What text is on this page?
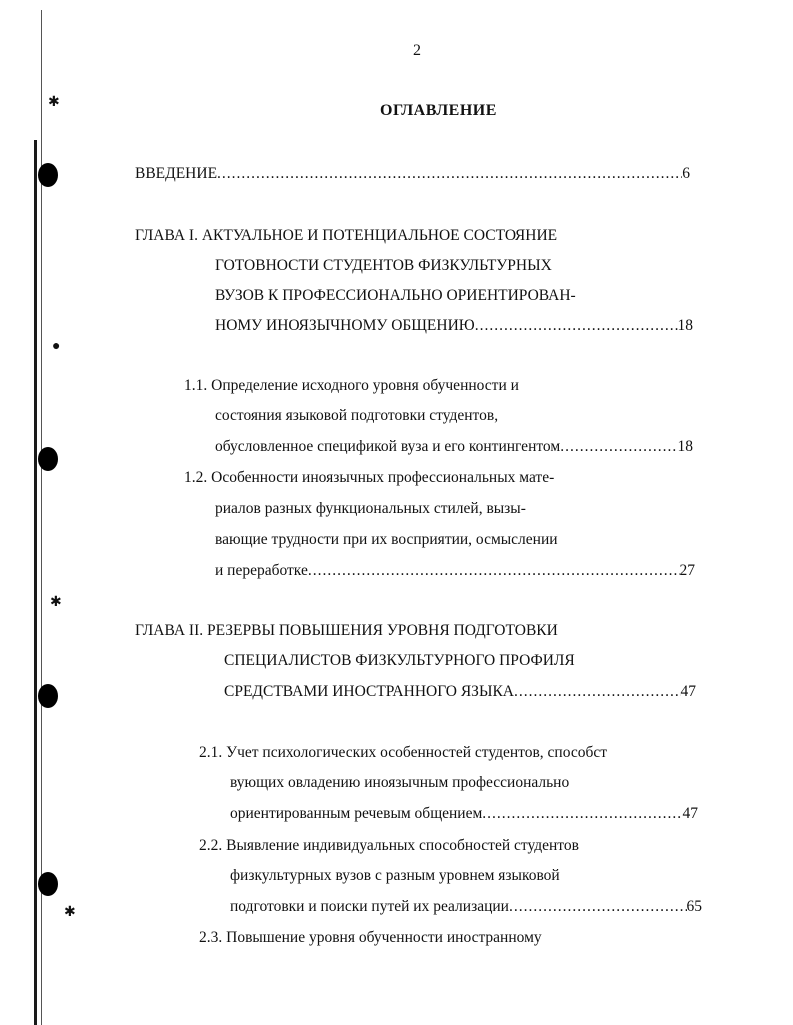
✱
●
✱
✱
2
ОГЛАВЛЕНИЕ
ВВЕДЕНИЕ .....	6
ГЛАВА I. АКТУАЛЬНОЕ И ПОТЕНЦИАЛЬНОЕ СОСТОЯНИЕ
ГОТОВНОСТИ СТУДЕНТОВ ФИЗКУЛЬТУРНЫХ
ВУЗОВ К ПРОФЕССИОНАЛЬНО ОРИЕНТИРОВАН-
НОМУ ИНОЯЗЫЧНОМУ ОБЩЕНИЮ .....	18
1.1. Определение исходного уровня обученности и
состояния языковой подготовки студентов,
обусловленное спецификой вуза и его контингентом .....	18
1.2. Особенности иноязычных профессиональных мате-
риалов разных функциональных стилей, вызы-
вающие трудности при их восприятии, осмыслении
и переработке .....	27
ГЛАВА II. РЕЗЕРВЫ ПОВЫШЕНИЯ УРОВНЯ ПОДГОТОВКИ
СПЕЦИАЛИСТОВ ФИЗКУЛЬТУРНОГО ПРОФИЛЯ
СРЕДСТВАМИ ИНОСТРАННОГО ЯЗЫКА .....	47
2.1. Учет психологических особенностей студентов, способст
вующих овладению иноязычным профессионально
ориентированным речевым общением .....	47
2.2. Выявление индивидуальных способностей студентов
физкультурных вузов с разным уровнем языковой
подготовки и поиски путей их реализации .....	65
2.3. Повышение уровня обученности иностранному
